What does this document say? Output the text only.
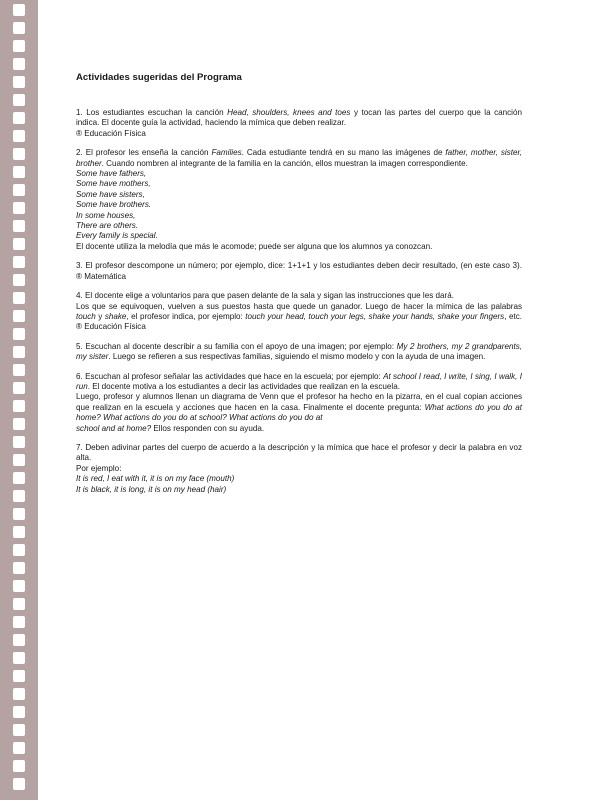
Actividades sugeridas del Programa

1. Los estudiantes escuchan la canción Head, shoulders, knees and toes y tocan las partes del cuerpo que la canción indica. El docente guía la actividad, haciendo la mímica que deben realizar.
® Educación Física

2. El profesor les enseña la canción Families. Cada estudiante tendrá en su mano las imágenes de father, mother, sister, brother. Cuando nombren al integrante de la familia en la canción, ellos muestran la imagen correspondiente.

Some have fathers,

Some have mothers,

Some have sisters,

Some have brothers.

In some houses,

There are others.

Every family is special.

El docente utiliza la melodía que más le acomode; puede ser alguna que los alumnos ya conozcan.

3. El profesor descompone un número; por ejemplo, dice: 1+1+1 y los estudiantes deben decir resultado, (en este caso 3). ® Matemática

4. El docente elige a voluntarios para que pasen delante de la sala y sigan las instrucciones que les dará.

Los que se equivoquen, vuelven a sus puestos hasta que quede un ganador. Luego de hacer la mímica de las palabras touch y shake, el profesor indica, por ejemplo: touch your head, touch your legs, shake your hands, shake your fingers, etc. ® Educación Física

5. Escuchan al docente describir a su familia con el apoyo de una imagen; por ejemplo: My 2 brothers, my 2 grandparents, my sister. Luego se refieren a sus respectivas familias, siguiendo el mismo modelo y con la ayuda de una imagen.

6. Escuchan al profesor señalar las actividades que hace en la escuela; por ejemplo: At school I read, I write, I sing, I walk, I run. El docente motiva a los estudiantes a decir las actividades que realizan en la escuela.

Luego, profesor y alumnos llenan un diagrama de Venn que el profesor ha hecho en la pizarra, en el cual copian acciones que realizan en la escuela y acciones que hacen en la casa. Finalmente el docente pregunta: What actions do you do at home? What actions do you do at school? What actions do you do at

school and at home? Ellos responden con su ayuda.

7. Deben adivinar partes del cuerpo de acuerdo a la descripción y la mímica que hace el profesor y decir la palabra en voz alta.

Por ejemplo:

It is red, I eat with it, it is on my face (mouth)

It is black, it is long, it is on my head (hair)
